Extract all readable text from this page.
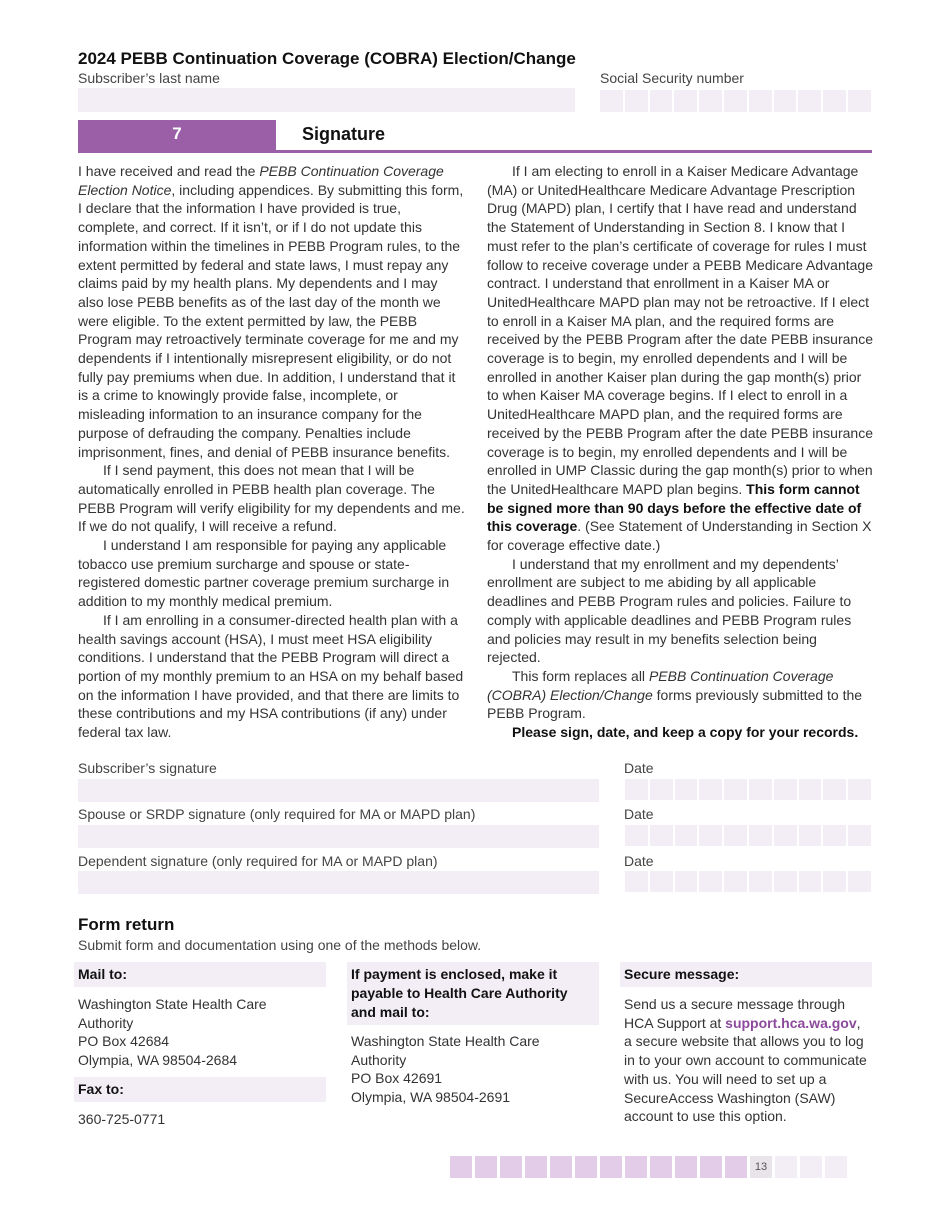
2024 PEBB Continuation Coverage (COBRA) Election/Change
Subscriber’s last name	Social Security number
7	Signature

I have received and read the PEBB Continuation Coverage Election Notice, including appendices. By submitting this form, I declare that the information I have provided is true, complete, and correct. If it isn’t, or if I do not update this information within the timelines in PEBB Program rules, to the extent permitted by federal and state laws, I must repay any claims paid by my health plans. My dependents and I may also lose PEBB benefits as of the last day of the month we were eligible. To the extent permitted by law, the PEBB Program may retroactively terminate coverage for me and my dependents if I intentionally misrepresent eligibility, or do not fully pay premiums when due. In addition, I understand that it is a crime to knowingly provide false, incomplete, or misleading information to an insurance company for the purpose of defrauding the company. Penalties include imprisonment, fines, and denial of PEBB insurance benefits.

If I send payment, this does not mean that I will be automatically enrolled in PEBB health plan coverage. The PEBB Program will verify eligibility for my dependents and me. If we do not qualify, I will receive a refund.

I understand I am responsible for paying any applicable tobacco use premium surcharge and spouse or state-registered domestic partner coverage premium surcharge in addition to my monthly medical premium.

If I am enrolling in a consumer-directed health plan with a health savings account (HSA), I must meet HSA eligibility conditions. I understand that the PEBB Program will direct a portion of my monthly premium to an HSA on my behalf based on the information I have provided, and that there are limits to these contributions and my HSA contributions (if any) under federal tax law.

If I am electing to enroll in a Kaiser Medicare Advantage (MA) or UnitedHealthcare Medicare Advantage Prescription Drug (MAPD) plan, I certify that I have read and understand the Statement of Understanding in Section 8. I know that I must refer to the plan’s certificate of coverage for rules I must follow to receive coverage under a PEBB Medicare Advantage contract. I understand that enrollment in a Kaiser MA or UnitedHealthcare MAPD plan may not be retroactive. If I elect to enroll in a Kaiser MA plan, and the required forms are received by the PEBB Program after the date PEBB insurance coverage is to begin, my enrolled dependents and I will be enrolled in another Kaiser plan during the gap month(s) prior to when Kaiser MA coverage begins. If I elect to enroll in a UnitedHealthcare MAPD plan, and the required forms are received by the PEBB Program after the date PEBB insurance coverage is to begin, my enrolled dependents and I will be enrolled in UMP Classic during the gap month(s) prior to when the UnitedHealthcare MAPD plan begins. This form cannot be signed more than 90 days before the effective date of this coverage. (See Statement of Understanding in Section X for coverage effective date.)

I understand that my enrollment and my dependents’ enrollment are subject to me abiding by all applicable deadlines and PEBB Program rules and policies. Failure to comply with applicable deadlines and PEBB Program rules and policies may result in my benefits selection being rejected.

This form replaces all PEBB Continuation Coverage (COBRA) Election/Change forms previously submitted to the PEBB Program.

Please sign, date, and keep a copy for your records.

Subscriber’s signature	Date
Spouse or SRDP signature (only required for MA or MAPD plan)	Date
Dependent signature (only required for MA or MAPD plan)	Date
Form return
Submit form and documentation using one of the methods below.
Mail to:
Washington State Health Care Authority
PO Box 42684
Olympia, WA 98504-2684
Fax to:
360-725-0771
If payment is enclosed, make it payable to Health Care Authority and mail to:
Washington State Health Care Authority
PO Box 42691
Olympia, WA 98504-2691
Secure message:
Send us a secure message through HCA Support at support.hca.wa.gov, a secure website that allows you to log in to your own account to communicate with us. You will need to set up a SecureAccess Washington (SAW) account to use this option.
13
